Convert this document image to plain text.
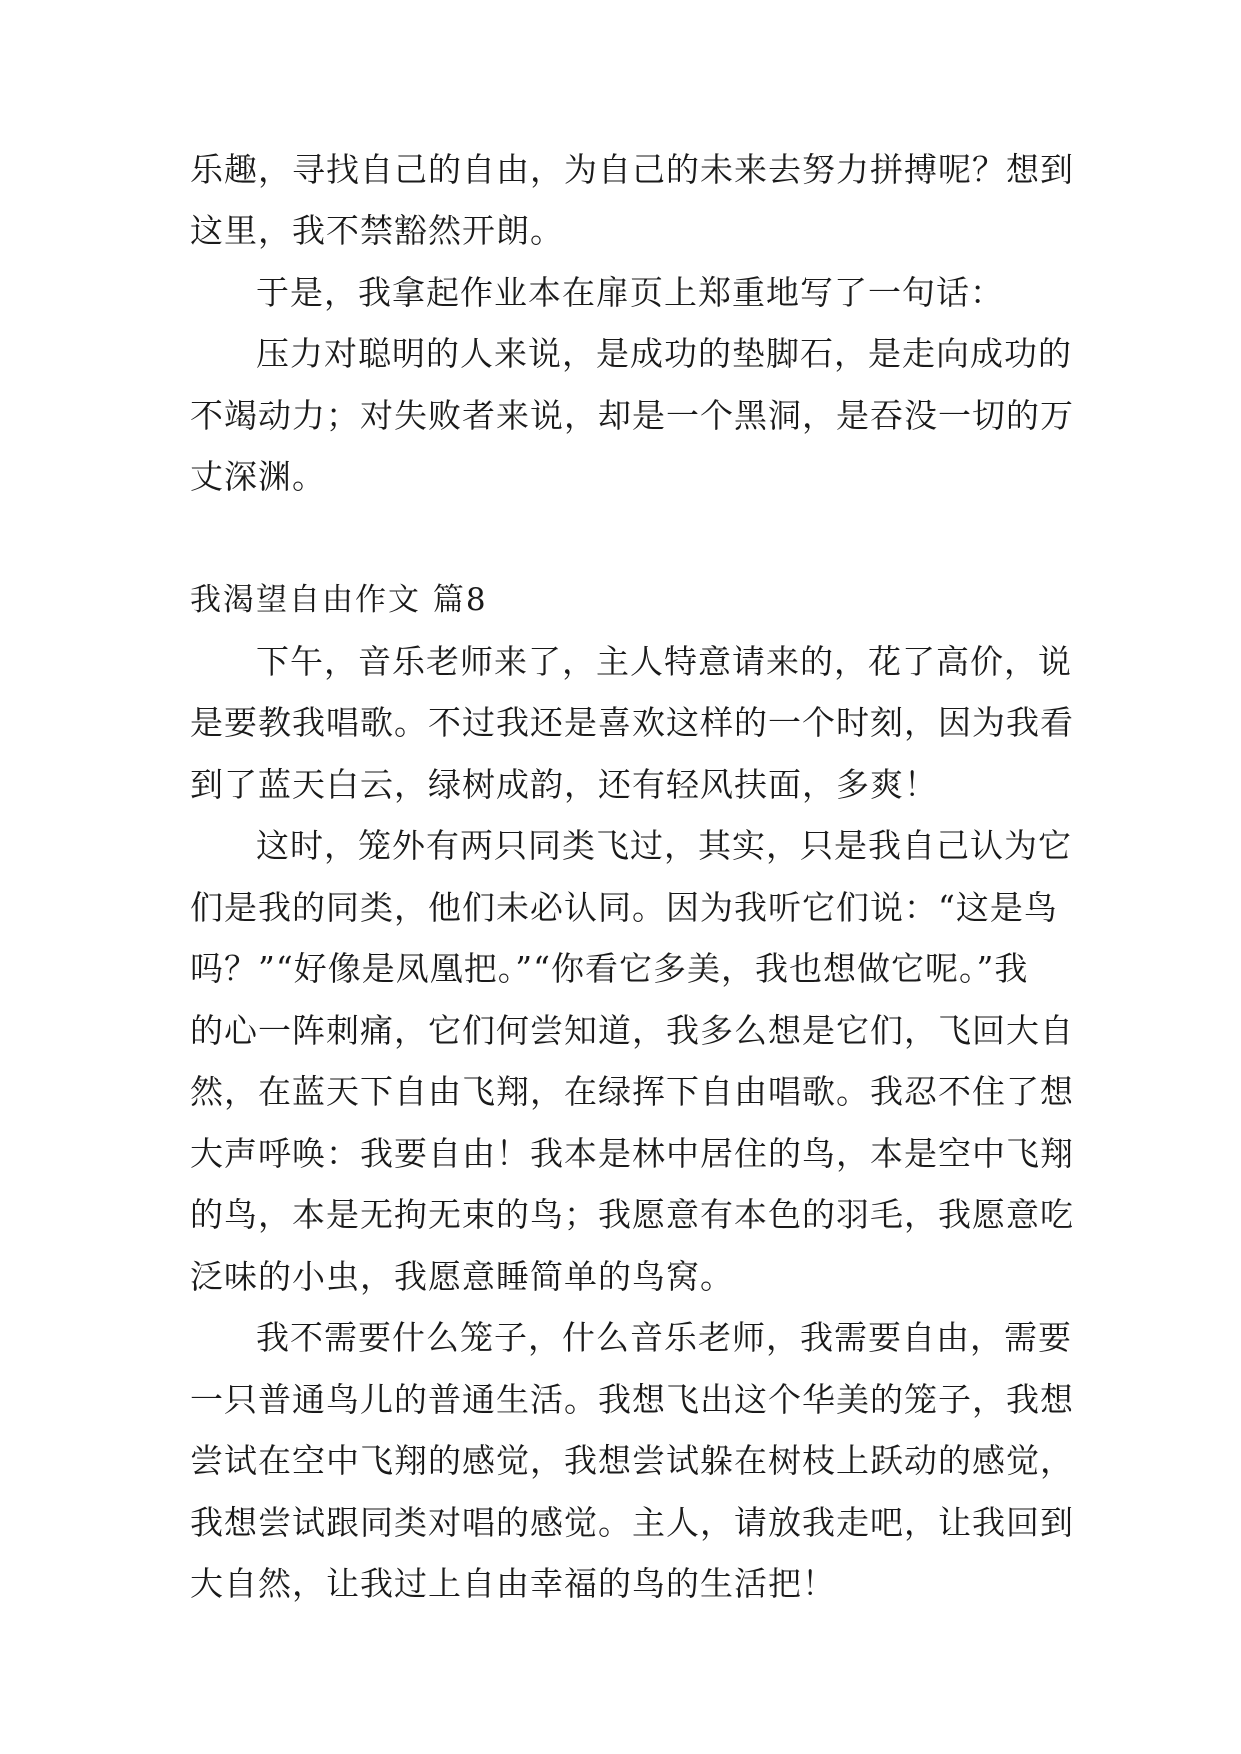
乐趣，寻找自己的自由，为自己的未来去努力拼搏呢？想到
这里，我不禁豁然开朗。
于是，我拿起作业本在扉页上郑重地写了一句话：
压力对聪明的人来说，是成功的垫脚石，是走向成功的
不竭动力；对失败者来说，却是一个黑洞，是吞没一切的万
丈深渊。
我渴望自由作文 篇8
下午，音乐老师来了，主人特意请来的，花了高价，说
是要教我唱歌。不过我还是喜欢这样的一个时刻，因为我看
到了蓝天白云，绿树成韵，还有轻风扶面，多爽！
这时，笼外有两只同类飞过，其实，只是我自己认为它
们是我的同类，他们未必认同。因为我听它们说：“这是鸟
吗？”“好像是凤凰把。”“你看它多美，我也想做它呢。”我
的心一阵刺痛，它们何尝知道，我多么想是它们，飞回大自
然，在蓝天下自由飞翔，在绿挥下自由唱歌。我忍不住了想
大声呼唤：我要自由！我本是林中居住的鸟，本是空中飞翔
的鸟，本是无拘无束的鸟；我愿意有本色的羽毛，我愿意吃
泛味的小虫，我愿意睡简单的鸟窝。
我不需要什么笼子，什么音乐老师，我需要自由，需要
一只普通鸟儿的普通生活。我想飞出这个华美的笼子，我想
尝试在空中飞翔的感觉，我想尝试躲在树枝上跃动的感觉，
我想尝试跟同类对唱的感觉。主人，请放我走吧，让我回到
大自然，让我过上自由幸福的鸟的生活把！
